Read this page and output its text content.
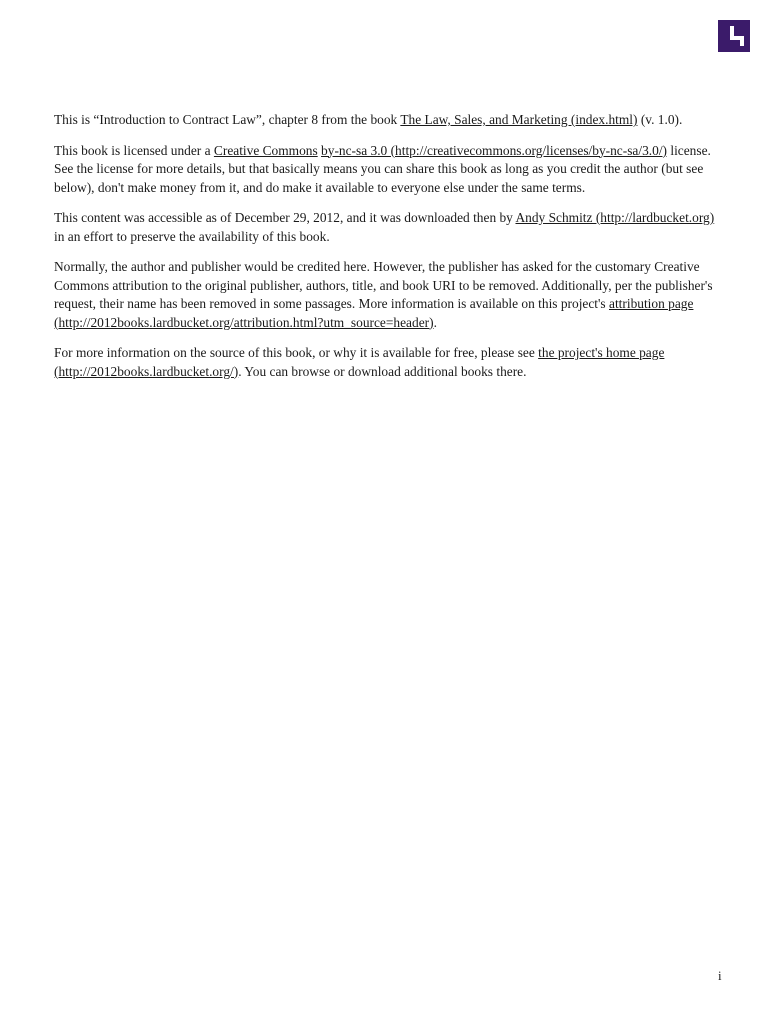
This is “Introduction to Contract Law”, chapter 8 from the book The Law, Sales, and Marketing (index.html) (v. 1.0).

This book is licensed under a Creative Commons by-nc-sa 3.0 (http://creativecommons.org/licenses/by-nc-sa/3.0/) license. See the license for more details, but that basically means you can share this book as long as you credit the author (but see below), don't make money from it, and do make it available to everyone else under the same terms.

This content was accessible as of December 29, 2012, and it was downloaded then by Andy Schmitz (http://lardbucket.org) in an effort to preserve the availability of this book.

Normally, the author and publisher would be credited here. However, the publisher has asked for the customary Creative Commons attribution to the original publisher, authors, title, and book URI to be removed. Additionally, per the publisher's request, their name has been removed in some passages. More information is available on this project's attribution page (http://2012books.lardbucket.org/attribution.html?utm_source=header).

For more information on the source of this book, or why it is available for free, please see the project's home page (http://2012books.lardbucket.org/). You can browse or download additional books there.

i
